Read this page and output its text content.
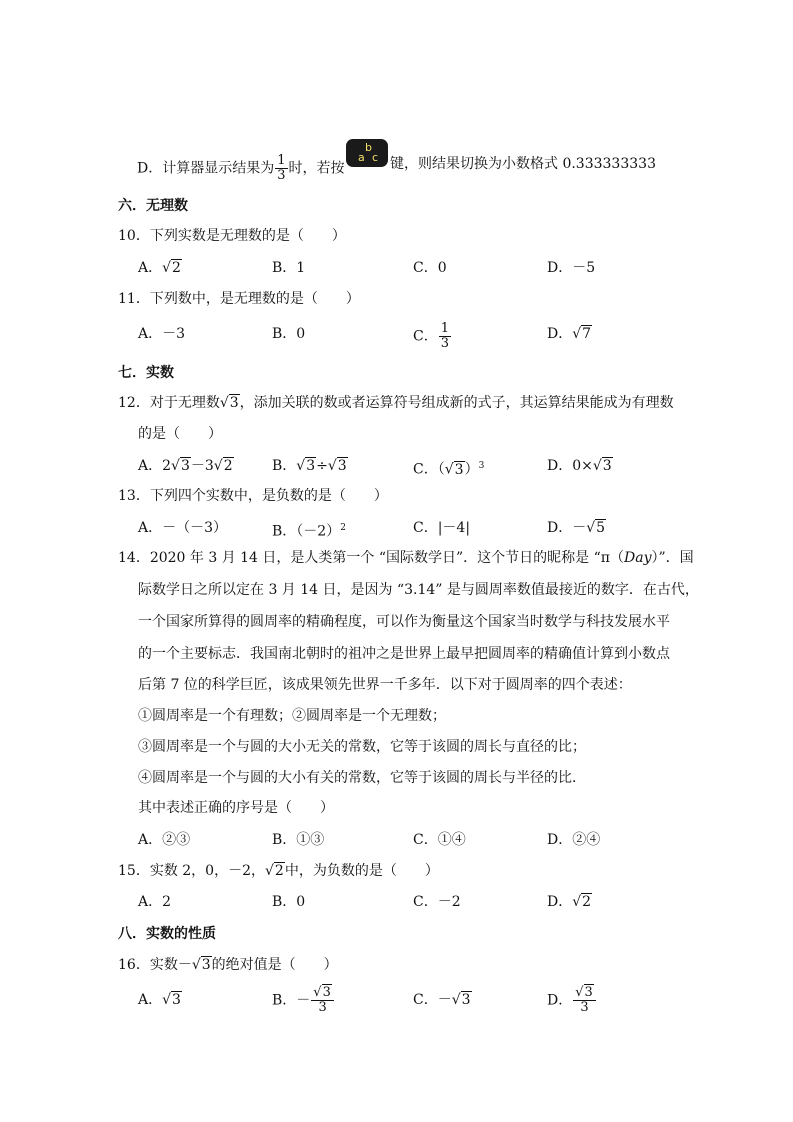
D．计算器显示结果为 $\frac{1}{3}$ 时，若按
a
b
c 键，则结果切换为小数格式 0.333333333
六．无理数
10．下列实数是无理数的是（　　）
A．√2	B．1	C．0	D．－5
11．下列数中，是无理数的是（　　）
A．－3	B．0	C． $\frac{1}{3}$	D．√7
七．实数
12．对于无理数√3，添加关联的数或者运算符号组成新的式子，其运算结果能成为有理数
的是（　　）
A．2√3－3√2	B．√3÷√3	C．$(√3)^3$	D．0×√3
13．下列四个实数中，是负数的是（　　）
A．－（－3）	B．$(-2)^2$	C．|－4|	D．－√5
14．2020 年 3 月 14 日，是人类第一个 “国际数学日”．这个节日的昵称是 “π（Day）”．国
际数学日之所以定在 3 月 14 日，是因为 “3.14” 是与圆周率数值最接近的数字．在古代，
一个国家所算得的圆周率的精确程度，可以作为衡量这个国家当时数学与科技发展水平
的一个主要标志．我国南北朝时的祖冲之是世界上最早把圆周率的精确值计算到小数点
后第 7 位的科学巨匠，该成果领先世界一千多年．以下对于圆周率的四个表述：
①圆周率是一个有理数；②圆周率是一个无理数；
③圆周率是一个与圆的大小无关的常数，它等于该圆的周长与直径的比；
④圆周率是一个与圆的大小有关的常数，它等于该圆的周长与半径的比．
其中表述正确的序号是（　　）
A．②③	B．①③	C．①④	D．②④
15．实数 2，0，－2，√2中，为负数的是（　　）
A．2	B．0	C．－2	D．√2
八．实数的性质
16．实数－√3的绝对值是（　　）
A．√3	B．－ $\frac{√3}{3}$	C．－√3	D． $\frac{√3}{3}$
